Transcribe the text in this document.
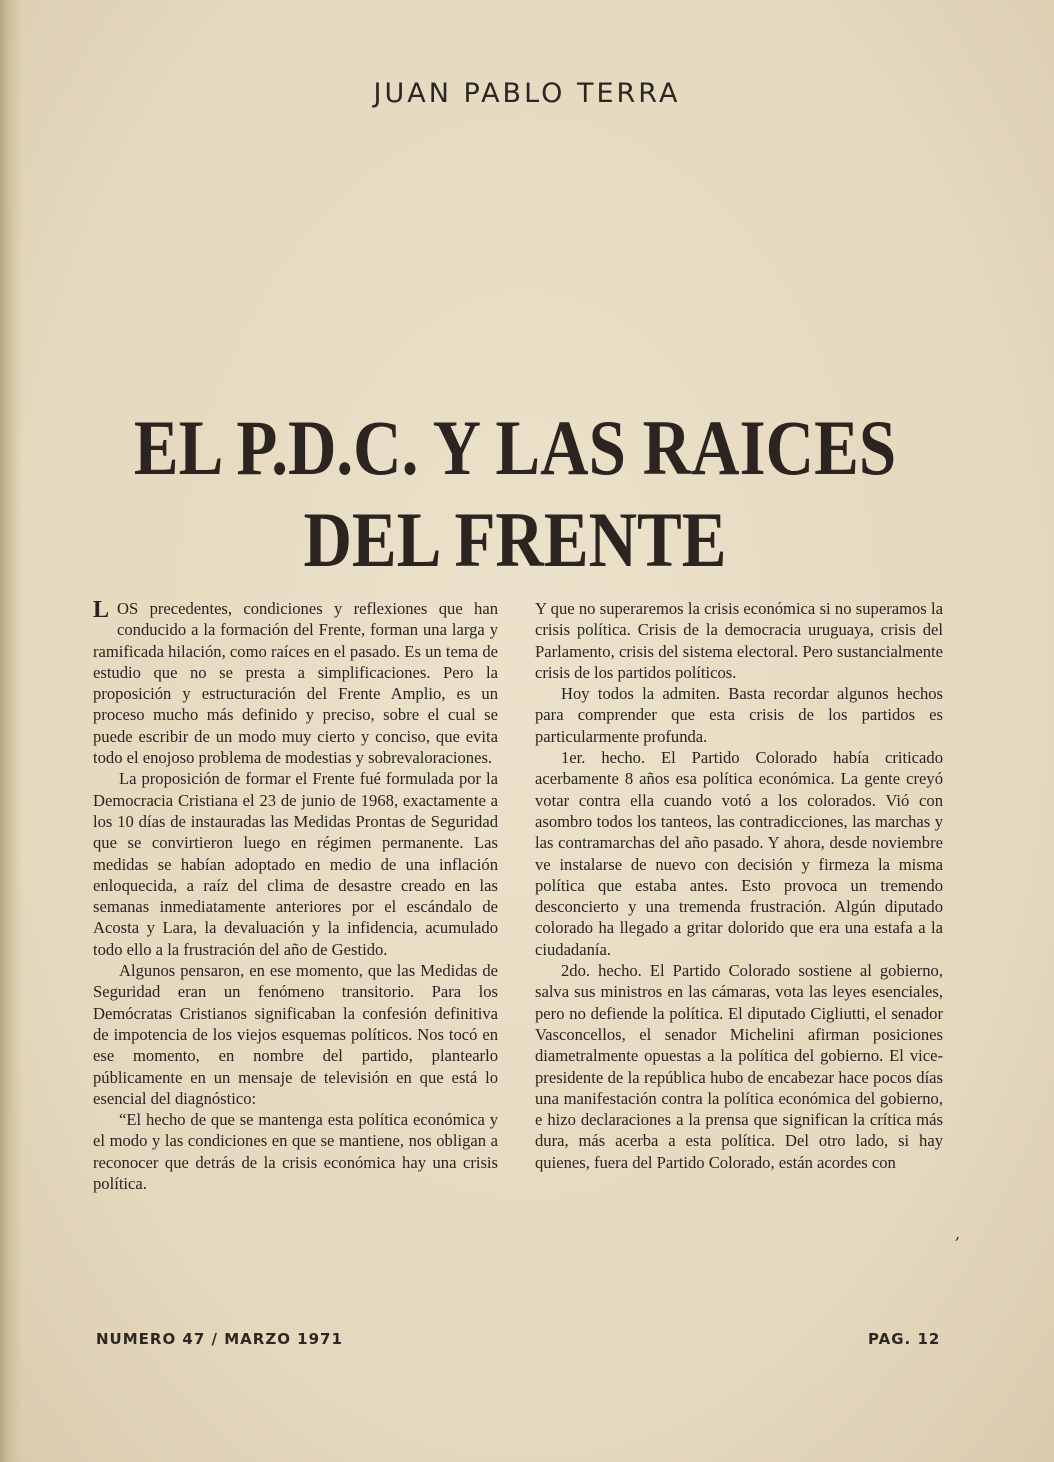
JUAN PABLO TERRA
EL P.D.C. Y LAS RAICES
DEL FRENTE

L OS precedentes, condiciones y reflexiones que han conducido a la formación del Frente, forman una larga y ramificada hilación, como raíces en el pasado. Es un tema de estudio que no se presta a simplificaciones. Pero la proposición y estructuración del Frente Amplio, es un proceso mucho más definido y preciso, sobre el cual se puede escribir de un modo muy cierto y conciso, que evita todo el enojoso problema de modestias y sobrevaloraciones.

La proposición de formar el Frente fué formulada por la Democracia Cristiana el 23 de junio de 1968, exactamente a los 10 días de instauradas las Medidas Prontas de Seguridad que se convirtieron luego en régimen permanente. Las medidas se habían adoptado en medio de una inflación enloquecida, a raíz del clima de desastre creado en las semanas inmediatamente anteriores por el escándalo de Acosta y Lara, la devaluación y la infidencia, acumulado todo ello a la frustración del año de Gestido.

Algunos pensaron, en ese momento, que las Medidas de Seguridad eran un fenómeno transitorio. Para los Demócratas Cristianos significaban la confesión definitiva de impotencia de los viejos esquemas políticos. Nos tocó en ese momento, en nombre del partido, plantearlo públicamente en un mensaje de televisión en que está lo esencial del diagnóstico:

“El hecho de que se mantenga esta política económica y el modo y las condiciones en que se mantiene, nos obligan a reconocer que detrás de la crisis económica hay una crisis política.

Y que no superaremos la crisis económica si no superamos la crisis política. Crisis de la democracia uruguaya, crisis del Parlamento, crisis del sistema electoral. Pero sustancialmente crisis de los partidos políticos.

Hoy todos la admiten. Basta recordar algunos hechos para comprender que esta crisis de los partidos es particularmente profunda.

1er. hecho. El Partido Colorado había criticado acerbamente 8 años esa política económica. La gente creyó votar contra ella cuando votó a los colorados. Vió con asombro todos los tanteos, las contradicciones, las marchas y las contramarchas del año pasado. Y ahora, desde noviembre ve instalarse de nuevo con decisión y firmeza la misma política que estaba antes. Esto provoca un tremendo desconcierto y una tremenda frustración. Algún diputado colorado ha llegado a gritar dolorido que era una estafa a la ciudadanía.

2do. hecho. El Partido Colorado sostiene al gobierno, salva sus ministros en las cámaras, vota las leyes esenciales, pero no defiende la política. El diputado Cigliutti, el senador Vasconcellos, el senador Michelini afirman posiciones diametralmente opuestas a la política del gobierno. El vice-presidente de la república hubo de encabezar hace pocos días una manifestación contra la política económica del gobierno, e hizo declaraciones a la prensa que significan la crítica más dura, más acerba a esta política. Del otro lado, si hay quienes, fuera del Partido Colorado, están acordes con

,
NUMERO 47 / MARZO 1971	PAG. 12
